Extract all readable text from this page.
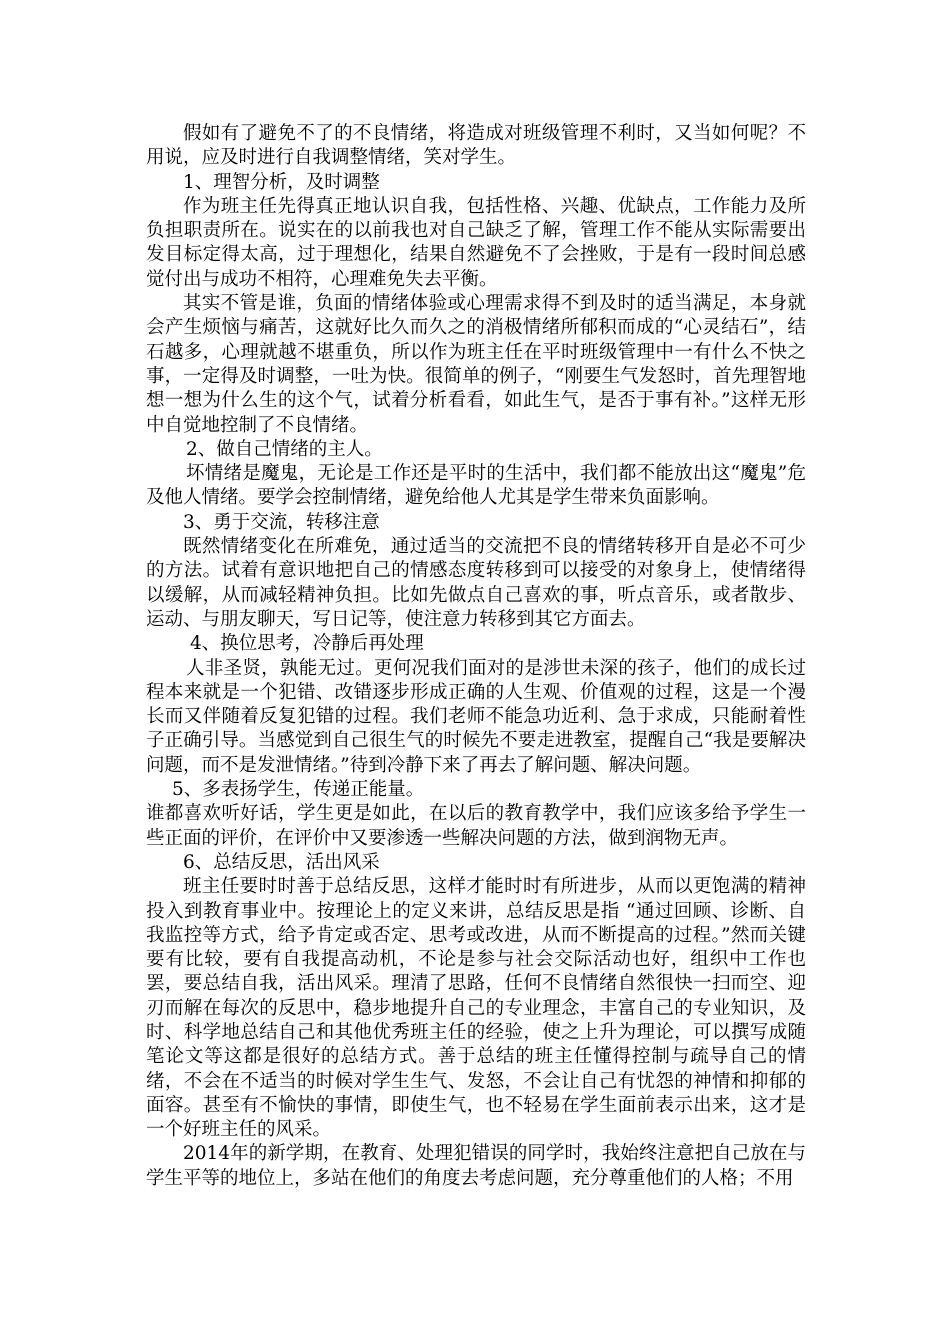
假如有了避免不了的不良情绪，将造成对班级管理不利时，又当如何呢？不用说，应及时进行自我调整情绪，笑对学生。

1、理智分析，及时调整

作为班主任先得真正地认识自我，包括性格、兴趣、优缺点，工作能力及所负担职责所在。说实在的以前我也对自己缺乏了解，管理工作不能从实际需要出发目标定得太高，过于理想化，结果自然避免不了会挫败，于是有一段时间总感觉付出与成功不相符，心理难免失去平衡。

其实不管是谁，负面的情绪体验或心理需求得不到及时的适当满足，本身就会产生烦恼与痛苦，这就好比久而久之的消极情绪所郁积而成的“心灵结石”，结石越多，心理就越不堪重负，所以作为班主任在平时班级管理中一有什么不快之事，一定得及时调整，一吐为快。很简单的例子，“刚要生气发怒时，首先理智地想一想为什么生的这个气，试着分析看看，如此生气，是否于事有补。”这样无形中自觉地控制了不良情绪。

2、做自己情绪的主人。

坏情绪是魔鬼，无论是工作还是平时的生活中，我们都不能放出这“魔鬼”危及他人情绪。要学会控制情绪，避免给他人尤其是学生带来负面影响。

3、勇于交流，转移注意

既然情绪变化在所难免，通过适当的交流把不良的情绪转移开自是必不可少的方法。试着有意识地把自己的情感态度转移到可以接受的对象身上，使情绪得以缓解，从而减轻精神负担。比如先做点自己喜欢的事，听点音乐，或者散步、运动、与朋友聊天，写日记等，使注意力转移到其它方面去。

4、换位思考，冷静后再处理

人非圣贤，孰能无过。更何况我们面对的是涉世未深的孩子，他们的成长过程本来就是一个犯错、改错逐步形成正确的人生观、价值观的过程，这是一个漫长而又伴随着反复犯错的过程。我们老师不能急功近利、急于求成，只能耐着性子正确引导。当感觉到自己很生气的时候先不要走进教室，提醒自己“我是要解决问题，而不是发泄情绪。”待到冷静下来了再去了解问题、解决问题。

5、多表扬学生，传递正能量。

谁都喜欢听好话，学生更是如此，在以后的教育教学中，我们应该多给予学生一些正面的评价，在评价中又要渗透一些解决问题的方法，做到润物无声。

6、总结反思，活出风采

班主任要时时善于总结反思，这样才能时时有所进步，从而以更饱满的精神投入到教育事业中。按理论上的定义来讲，总结反思是指 “通过回顾、诊断、自我监控等方式，给予肯定或否定、思考或改进，从而不断提高的过程。”然而关键要有比较，要有自我提高动机，不论是参与社会交际活动也好，组织中工作也罢，要总结自我，活出风采。理清了思路，任何不良情绪自然很快一扫而空、迎刃而解在每次的反思中，稳步地提升自己的专业理念，丰富自己的专业知识，及时、科学地总结自己和其他优秀班主任的经验，使之上升为理论，可以撰写成随笔论文等这都是很好的总结方式。善于总结的班主任懂得控制与疏导自己的情绪，不会在不适当的时候对学生生气、发怒，不会让自己有忧怨的神情和抑郁的面容。甚至有不愉快的事情，即使生气，也不轻易在学生面前表示出来，这才是一个好班主任的风采。

2014年的新学期，在教育、处理犯错误的同学时，我始终注意把自己放在与学生平等的地位上，多站在他们的角度去考虑问题，充分尊重他们的人格；不用
